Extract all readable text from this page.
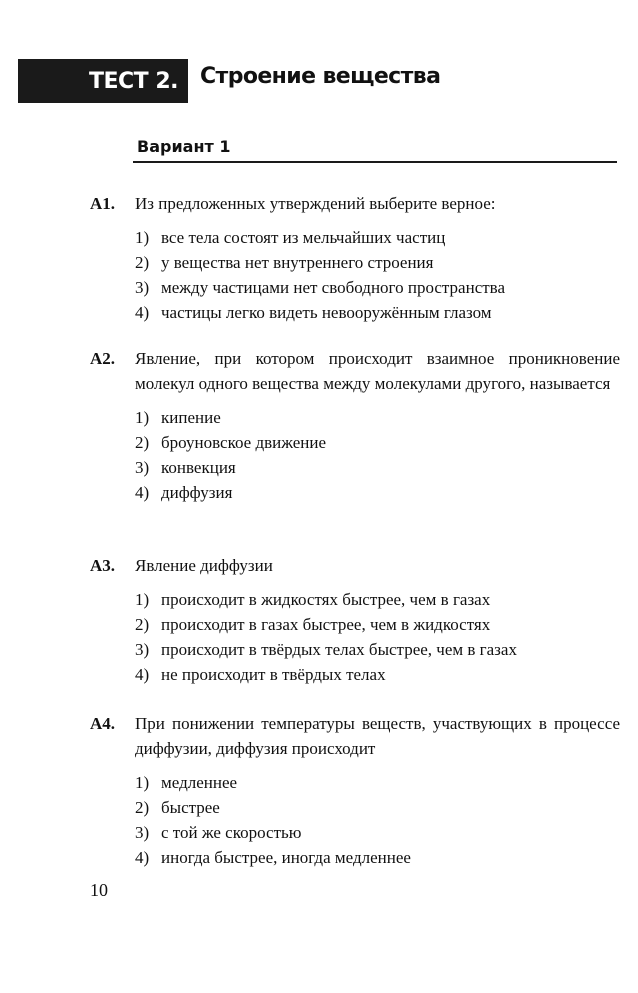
ТЕСТ 2. Строение вещества
Вариант 1
А1. Из предложенных утверждений выберите верное:
1) все тела состоят из мельчайших частиц
2) у вещества нет внутреннего строения
3) между частицами нет свободного пространства
4) частицы легко видеть невооружённым глазом
А2. Явление, при котором происходит взаимное проникновение молекул одного вещества между молекулами другого, называется
1) кипение
2) броуновское движение
3) конвекция
4) диффузия
А3. Явление диффузии
1) происходит в жидкостях быстрее, чем в газах
2) происходит в газах быстрее, чем в жидкостях
3) происходит в твёрдых телах быстрее, чем в газах
4) не происходит в твёрдых телах
А4. При понижении температуры веществ, участвующих в процессе диффузии, диффузия происходит
1) медленнее
2) быстрее
3) с той же скоростью
4) иногда быстрее, иногда медленнее
10
